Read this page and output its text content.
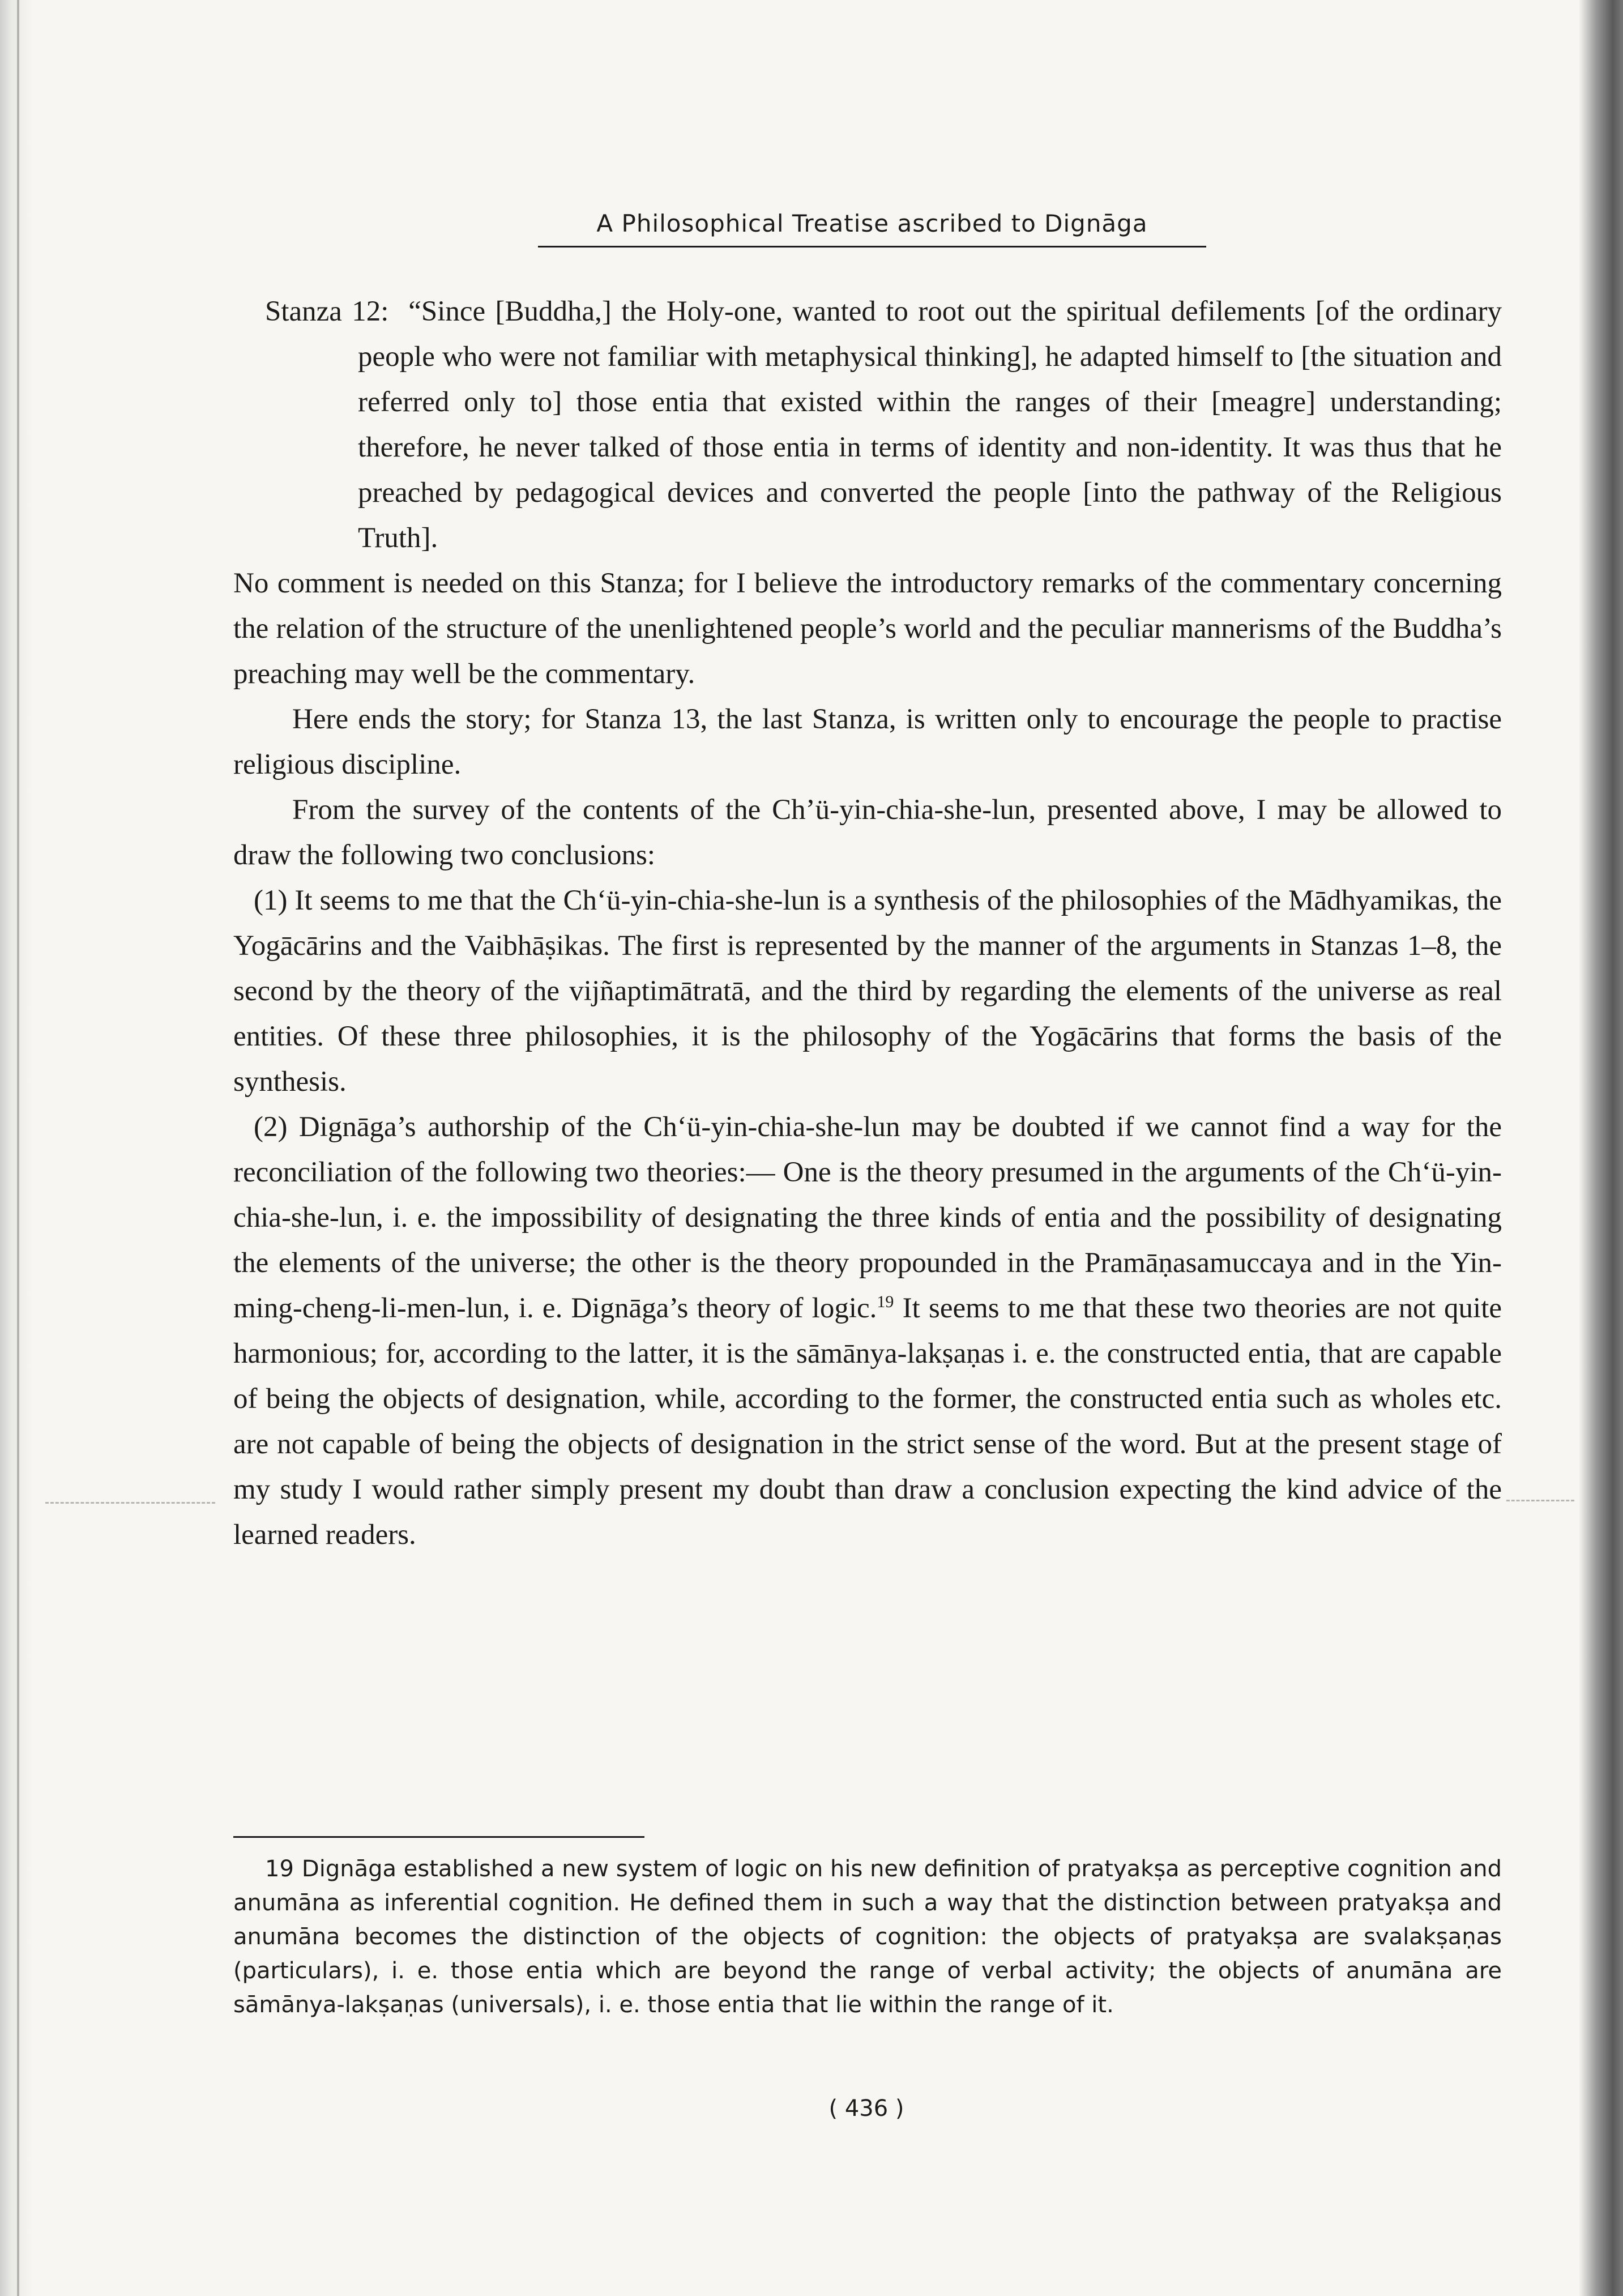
A Philosophical Treatise ascribed to Dignāga

Stanza 12: “Since [Buddha,] the Holy-one, wanted to root out the spiritual defilements [of the ordinary people who were not familiar with metaphysical thinking], he adapted himself to [the situation and referred only to] those entia that existed within the ranges of their [meagre] understanding; therefore, he never talked of those entia in terms of identity and non-identity. It was thus that he preached by pedagogical devices and converted the people [into the pathway of the Religious Truth].

No comment is needed on this Stanza; for I believe the introductory remarks of the commentary concerning the relation of the structure of the unenlightened people’s world and the peculiar mannerisms of the Buddha’s preaching may well be the commentary.

Here ends the story; for Stanza 13, the last Stanza, is written only to encourage the people to practise religious discipline.

From the survey of the contents of the Ch’ü-yin-chia-she-lun, presented above, I may be allowed to draw the following two conclusions:

(1) It seems to me that the Ch‘ü-yin-chia-she-lun is a synthesis of the philosophies of the Mādhyamikas, the Yogācārins and the Vaibhāṣikas. The first is represented by the manner of the arguments in Stanzas 1–8, the second by the theory of the vijñaptimātratā, and the third by regarding the elements of the universe as real entities. Of these three philosophies, it is the philosophy of the Yogācārins that forms the basis of the synthesis.

(2) Dignāga’s authorship of the Ch‘ü-yin-chia-she-lun may be doubted if we cannot find a way for the reconciliation of the following two theories:— One is the theory presumed in the arguments of the Ch‘ü-yin-chia-she-lun, i. e. the impossibility of designating the three kinds of entia and the possibility of designating the elements of the universe; the other is the theory propounded in the Pramāṇasamuccaya and in the Yin-ming-cheng-li-men-lun, i. e. Dignāga’s theory of logic.$^{19}$ It seems to me that these two theories are not quite harmonious; for, according to the latter, it is the sāmānya-lakṣaṇas i. e. the constructed entia, that are capable of being the objects of designation, while, according to the former, the constructed entia such as wholes etc. are not capable of being the objects of designation in the strict sense of the word. But at the present stage of my study I would rather simply present my doubt than draw a conclusion expecting the kind advice of the learned readers.

19 Dignāga established a new system of logic on his new definition of pratyakṣa as perceptive cognition and anumāna as inferential cognition. He defined them in such a way that the distinction between pratyakṣa and anumāna becomes the distinction of the objects of cognition: the objects of pratyakṣa are svalakṣaṇas (particulars), i. e. those entia which are beyond the range of verbal activity; the objects of anumāna are sāmānya-lakṣaṇas (universals), i. e. those entia that lie within the range of it.

( 436 )
